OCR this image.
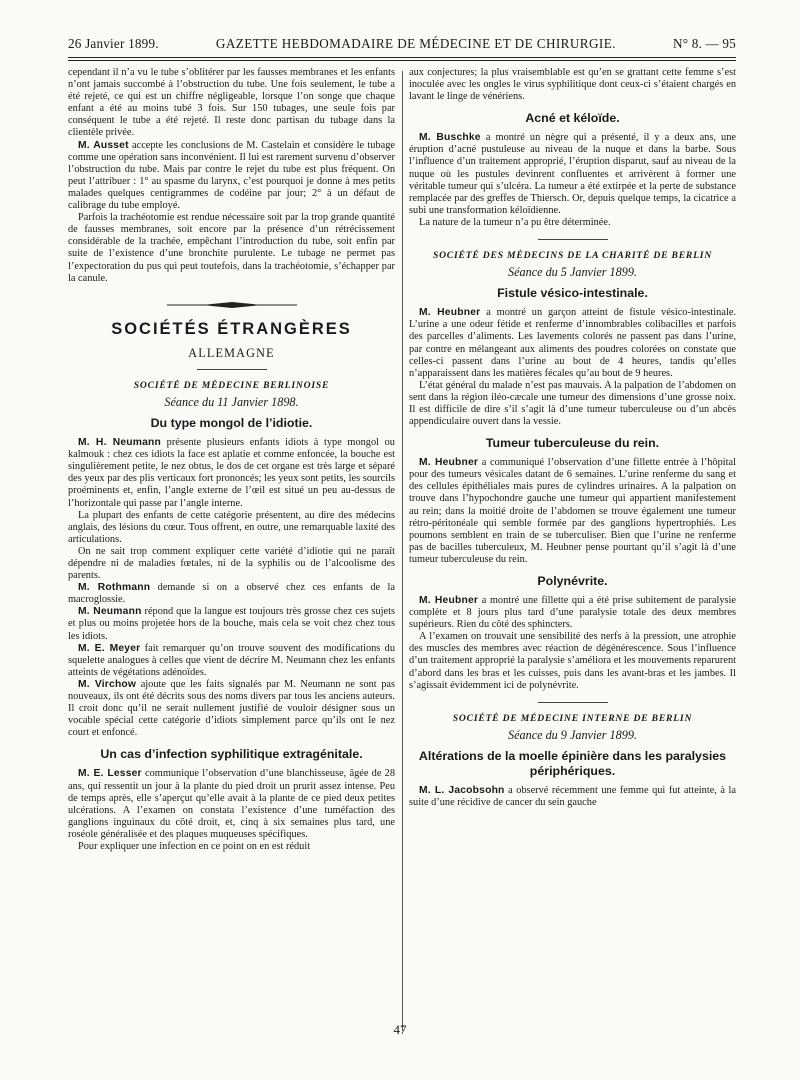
26 Janvier 1899.	GAZETTE HEBDOMADAIRE DE MÉDECINE ET DE CHIRURGIE.	N° 8. — 95

cependant il n’a vu le tube s’oblitérer par les fausses membranes et les enfants n’ont jamais succombé à l’obstruction du tube. Une fois seulement, le tube a été rejeté, ce qui est un chiffre négligeable, lorsque l’on songe que chaque enfant a été au moins tubé 3 fois. Sur 150 tubages, une seule fois par conséquent le tube a été rejeté. Il reste donc partisan du tubage dans la clientèle privée.

M. Ausset accepte les conclusions de M. Castelain et considère le tubage comme une opération sans inconvénient. Il lui est rarement survenu d’observer l’obstruction du tube. Mais par contre le rejet du tube est plus fréquent. On peut l’attribuer : 1° au spasme du larynx, c’est pourquoi je donne à mes petits malades quelques centigrammes de codéine par jour; 2° à un défaut de calibrage du tube employé.

Parfois la trachéotomie est rendue nécessaire soit par la trop grande quantité de fausses membranes, soit encore par la présence d’un rétrécissement considérable de la trachée, empêchant l’introduction du tube, soit enfin par suite de l’existence d’une bronchite purulente. Le tubage ne permet pas l’expectoration du pus qui peut toutefois, dans la trachéotomie, s’échapper par la canule.

SOCIÉTÉS ÉTRANGÈRES
ALLEMAGNE
SOCIÉTÉ DE MÉDECINE BERLINOISE
Séance du 11 Janvier 1898.
Du type mongol de l’idiotie.

M. H. Neumann présente plusieurs enfants idiots à type mongol ou kalmouk : chez ces idiots la face est aplatie et comme enfoncée, la bouche est singulièrement petite, le nez obtus, le dos de cet organe est très large et séparé des yeux par des plis verticaux fort prononcés; les yeux sont petits, les sourcils proéminents et, enfin, l’angle externe de l’œil est situé un peu au-dessus de l’horizontale qui passe par l’angle interne.

La plupart des enfants de cette catégorie présentent, au dire des médecins anglais, des lésions du cœur. Tous offrent, en outre, une remarquable laxité des articulations.

On ne sait trop comment expliquer cette variété d’idiotie qui ne paraît dépendre ni de maladies fœtales, ni de la syphilis ou de l’alcoolisme des parents.

M. Rothmann demande si on a observé chez ces enfants de la macroglossie.

M. Neumann répond que la langue est toujours très grosse chez ces sujets et plus ou moins projetée hors de la bouche, mais cela se voit chez chez tous les idiots.

M. E. Meyer fait remarquer qu’on trouve souvent des modifications du squelette analogues à celles que vient de décrire M. Neumann chez les enfants atteints de végétations adénoïdes.

M. Virchow ajoute que les faits signalés par M. Neumann ne sont pas nouveaux, ils ont été décrits sous des noms divers par tous les anciens auteurs. Il croit donc qu’il ne serait nullement justifié de vouloir désigner sous un vocable spécial cette catégorie d’idiots simplement parce qu’ils ont le nez court et enfoncé.

Un cas d’infection syphilitique extragénitale.

M. E. Lesser communique l’observation d’une blanchisseuse, âgée de 28 ans, qui ressentit un jour à la plante du pied droit un prurit assez intense. Peu de temps après, elle s’aperçut qu’elle avait à la plante de ce pied deux petites ulcérations. A l’examen on constata l’existence d’une tuméfaction des ganglions inguinaux du côté droit, et, cinq à six semaines plus tard, une roséole généralisée et des plaques muqueuses spécifiques.

Pour expliquer une infection en ce point on en est réduit

aux conjectures; la plus vraisemblable est qu’en se grattant cette femme s’est inoculée avec les ongles le virus syphilitique dont ceux-ci s’étaient chargés en lavant le linge de vénériens.

Acné et kéloïde.

M. Buschke a montré un nègre qui a présenté, il y a deux ans, une éruption d’acné pustuleuse au niveau de la nuque et dans la barbe. Sous l’influence d’un traitement approprié, l’éruption disparut, sauf au niveau de la nuque où les pustules devinrent confluentes et arrivèrent à former une véritable tumeur qui s’ulcéra. La tumeur a été extirpée et la perte de substance remplacée par des greffes de Thiersch. Or, depuis quelque temps, la cicatrice a subi une transformation kéloïdienne.

La nature de la tumeur n’a pu être déterminée.

SOCIÉTÉ DES MÉDECINS DE LA CHARITÉ DE BERLIN
Séance du 5 Janvier 1899.
Fistule vésico-intestinale.

M. Heubner a montré un garçon atteint de fistule vésico-intestinale. L’urine a une odeur fétide et renferme d’innombrables colibacilles et parfois des parcelles d’aliments. Les lavements colorés ne passent pas dans l’urine, par contre en mélangeant aux aliments des poudres colorées on constate que celles-ci passent dans l’urine au bout de 4 heures, tandis qu’elles n’apparaissent dans les matières fécales qu’au bout de 9 heures.

L’état général du malade n’est pas mauvais. A la palpation de l’abdomen on sent dans la région iléo-cæcale une tumeur des dimensions d’une grosse noix. Il est difficile de dire s’il s’agit là d’une tumeur tuberculeuse ou d’un abcès appendiculaire ouvert dans la vessie.

Tumeur tuberculeuse du rein.

M. Heubner a communiqué l’observation d’une fillette entrée à l’hôpital pour des tumeurs vésicales datant de 6 semaines. L’urine renferme du sang et des cellules épithéliales mais pures de cylindres urinaires. A la palpation on trouve dans l’hypochondre gauche une tumeur qui appartient manifestement au rein; dans la moitié droite de l’abdomen se trouve également une tumeur rétro-péritonéale qui semble formée par des ganglions hypertrophiés. Les poumons semblent en train de se tuberculiser. Bien que l’urine ne renferme pas de bacilles tuberculeux, M. Heubner pense pourtant qu’il s’agit là d’une tumeur tuberculeuse du rein.

Polynévrite.

M. Heubner a montré une fillette qui a été prise subitement de paralysie complète et 8 jours plus tard d’une paralysie totale des deux membres supérieurs. Rien du côté des sphincters.

A l’examen on trouvait une sensibilité des nerfs à la pression, une atrophie des muscles des membres avec réaction de dégénérescence. Sous l’influence d’un traitement approprié la paralysie s’améliora et les mouvements reparurent d’abord dans les bras et les cuisses, puis dans les avant-bras et les jambes. Il s’agissait évidemment ici de polynévrite.

SOCIÉTÉ DE MÉDECINE INTERNE DE BERLIN
Séance du 9 Janvier 1899.
Altérations de la moelle épinière dans les paralysies périphériques.

M. L. Jacobsohn a observé récemment une femme qui fut atteinte, à la suite d’une récidive de cancer du sein gauche

47
